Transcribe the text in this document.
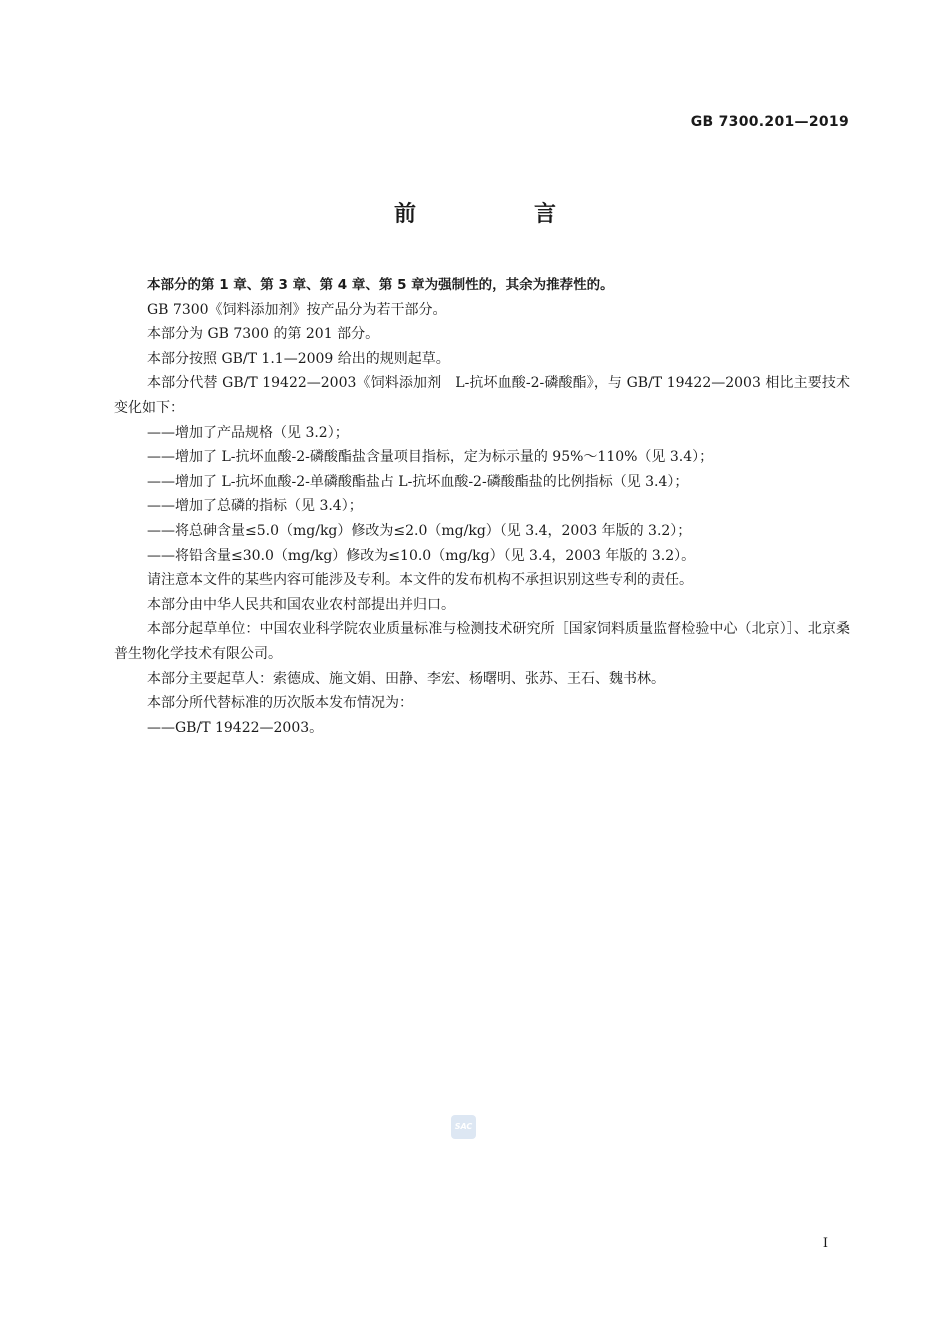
GB 7300.201—2019
前　言

本部分的第 1 章、第 3 章、第 4 章、第 5 章为强制性的，其余为推荐性的。

GB 7300《饲料添加剂》按产品分为若干部分。

本部分为 GB 7300 的第 201 部分。

本部分按照 GB/T 1.1—2009 给出的规则起草。

本部分代替 GB/T 19422—2003《饲料添加剂　L-抗坏血酸-2-磷酸酯》，与 GB/T 19422—2003 相比主要技术变化如下：

——增加了产品规格（见 3.2）；

——增加了 L-抗坏血酸-2-磷酸酯盐含量项目指标，定为标示量的 95%～110%（见 3.4）；

——增加了 L-抗坏血酸-2-单磷酸酯盐占 L-抗坏血酸-2-磷酸酯盐的比例指标（见 3.4）；

——增加了总磷的指标（见 3.4）；

——将总砷含量≤5.0（mg/kg）修改为≤2.0（mg/kg）（见 3.4，2003 年版的 3.2）；

——将铅含量≤30.0（mg/kg）修改为≤10.0（mg/kg）（见 3.4，2003 年版的 3.2）。

请注意本文件的某些内容可能涉及专利。本文件的发布机构不承担识别这些专利的责任。

本部分由中华人民共和国农业农村部提出并归口。

本部分起草单位：中国农业科学院农业质量标准与检测技术研究所［国家饲料质量监督检验中心（北京）］、北京桑普生物化学技术有限公司。

本部分主要起草人：索德成、施文娟、田静、李宏、杨曙明、张苏、王石、魏书林。

本部分所代替标准的历次版本发布情况为：

——GB/T 19422—2003。

SAC
I
